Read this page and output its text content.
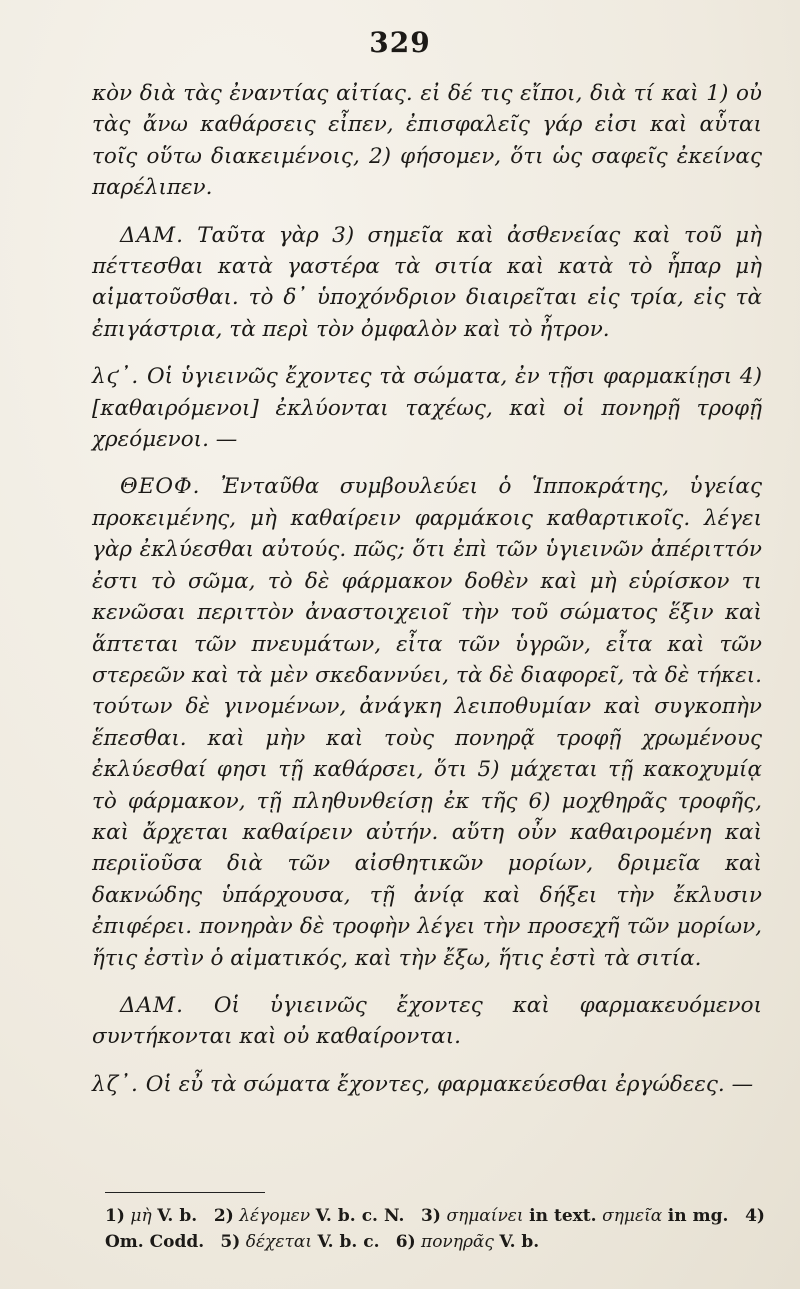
329

κὸν διὰ τὰς ἐναντίας αἰτίας. εἰ δέ τις εἴποι, διὰ τί καὶ 1) οὐ τὰς ἄνω καθάρσεις εἶπεν, ἐπισφαλεῖς γάρ εἰσι καὶ αὗται τοῖς οὕτω διακειμένοις, 2) φήσομεν, ὅτι ὡς σαφεῖς ἐκείνας παρέλιπεν.

ΔΑΜ. Ταῦτα γὰρ 3) σημεῖα καὶ ἀσθενείας καὶ τοῦ μὴ πέττεσθαι κατὰ γαστέρα τὰ σιτία καὶ κατὰ τὸ ἧπαρ μὴ αἱματοῦσθαι. τὸ δ᾽ ὑποχόνδριον διαιρεῖται εἰς τρία, εἰς τὰ ἐπιγάστρια, τὰ περὶ τὸν ὀμφαλὸν καὶ τὸ ἦτρον.

λϛ᾽. Οἱ ὑγιεινῶς ἔχοντες τὰ σώματα, ἐν τῇσι φαρμακίῃσι 4) [καθαιρόμενοι] ἐκλύονται ταχέως, καὶ οἱ πονηρῇ τροφῇ χρεόμενοι. —

ΘΕΟΦ. Ἐνταῦθα συμβουλεύει ὁ Ἱπποκράτης, ὑγείας προκειμένης, μὴ καθαίρειν φαρμάκοις καθαρτικοῖς. λέγει γὰρ ἐκλύεσθαι αὐτούς. πῶς; ὅτι ἐπὶ τῶν ὑγιεινῶν ἀπέριττόν ἐστι τὸ σῶμα, τὸ δὲ φάρμακον δοθὲν καὶ μὴ εὑρίσκον τι κενῶσαι περιττὸν ἀναστοιχειοῖ τὴν τοῦ σώματος ἕξιν καὶ ἅπτεται τῶν πνευμάτων, εἶτα τῶν ὑγρῶν, εἶτα καὶ τῶν στερεῶν καὶ τὰ μὲν σκεδαννύει, τὰ δὲ διαφορεῖ, τὰ δὲ τήκει. τούτων δὲ γινομένων, ἀνάγκη λειποθυμίαν καὶ συγκοπὴν ἕπεσθαι. καὶ μὴν καὶ τοὺς πονηρᾷ τροφῇ χρωμένους ἐκλύεσθαί φησι τῇ καθάρσει, ὅτι 5) μάχεται τῇ κακοχυμίᾳ τὸ φάρμακον, τῇ πληθυνθείσῃ ἐκ τῆς 6) μοχθηρᾶς τροφῆς, καὶ ἄρχεται καθαίρειν αὐτήν. αὕτη οὖν καθαιρομένη καὶ περιϊοῦσα διὰ τῶν αἰσθητικῶν μορίων, δριμεῖα καὶ δακνώδης ὑπάρχουσα, τῇ ἀνίᾳ καὶ δήξει τὴν ἔκλυσιν ἐπιφέρει. πονηρὰν δὲ τροφὴν λέγει τὴν προσεχῆ τῶν μορίων, ἥτις ἐστὶν ὁ αἱματικός, καὶ τὴν ἔξω, ἥτις ἐστὶ τὰ σιτία.

ΔΑΜ. Οἱ ὑγιεινῶς ἔχοντες καὶ φαρμακευόμενοι συντήκονται καὶ οὐ καθαίρονται.

λζ᾽. Οἱ εὖ τὰ σώματα ἔχοντες, φαρμακεύεσθαι ἐργώδεες. —

1) μὴ V. b. 2) λέγομεν V. b. c. N. 3) σημαίνει in text. σημεῖα in mg. 4) Om. Codd. 5) δέχεται V. b. c. 6) πονηρᾶς V. b.
